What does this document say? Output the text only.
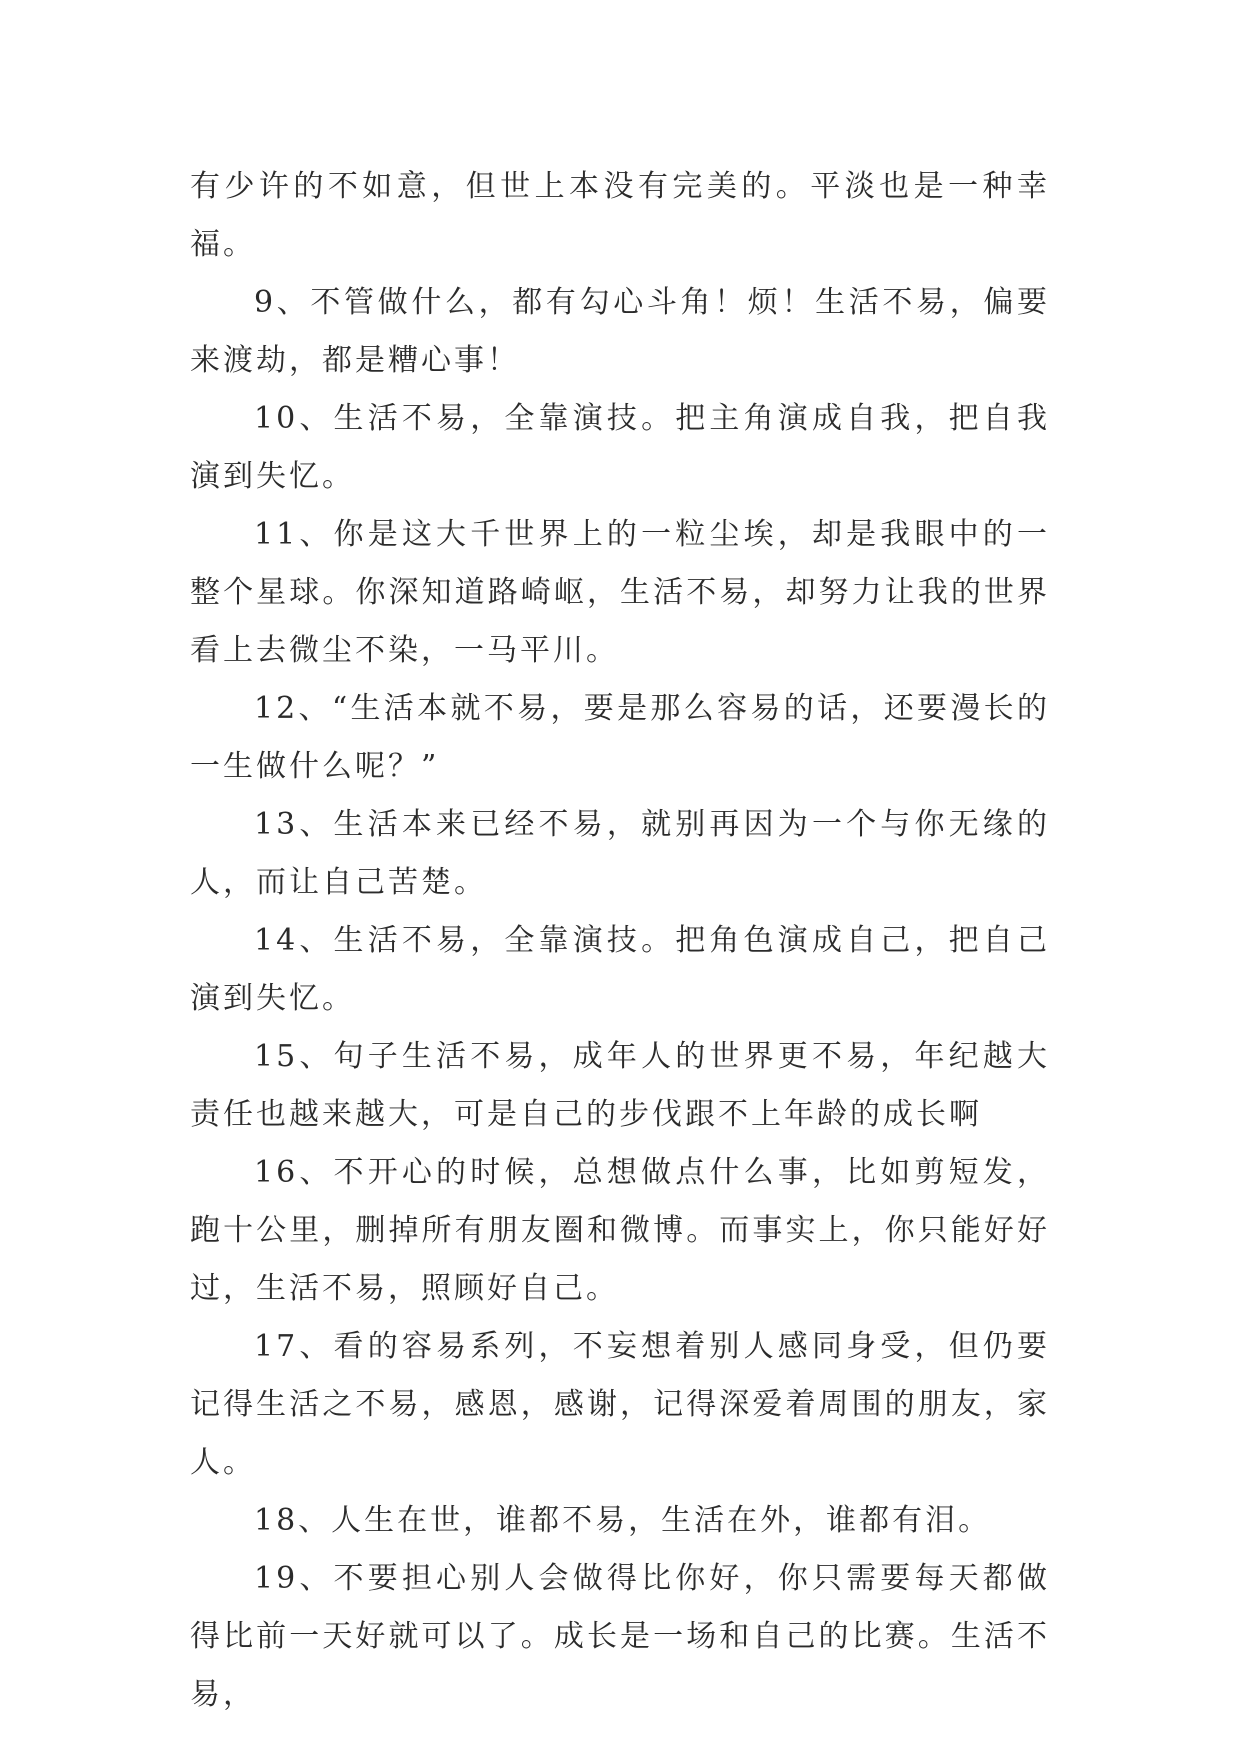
有少许的不如意，但世上本没有完美的。平淡也是一种幸福。

9、不管做什么，都有勾心斗角！烦！生活不易，偏要来渡劫，都是糟心事！

10、生活不易，全靠演技。把主角演成自我，把自我演到失忆。

11、你是这大千世界上的一粒尘埃，却是我眼中的一整个星球。你深知道路崎岖，生活不易，却努力让我的世界看上去微尘不染，一马平川。

12、“生活本就不易，要是那么容易的话，还要漫长的一生做什么呢？”

13、生活本来已经不易，就别再因为一个与你无缘的人，而让自己苦楚。

14、生活不易，全靠演技。把角色演成自己，把自己演到失忆。

15、句子生活不易，成年人的世界更不易，年纪越大责任也越来越大，可是自己的步伐跟不上年龄的成长啊

16、不开心的时候，总想做点什么事，比如剪短发，跑十公里，删掉所有朋友圈和微博。而事实上，你只能好好过，生活不易，照顾好自己。

17、看的容易系列，不妄想着别人感同身受，但仍要记得生活之不易，感恩，感谢，记得深爱着周围的朋友，家人。

18、人生在世，谁都不易，生活在外，谁都有泪。

19、不要担心别人会做得比你好，你只需要每天都做得比前一天好就可以了。成长是一场和自己的比赛。生活不易，
